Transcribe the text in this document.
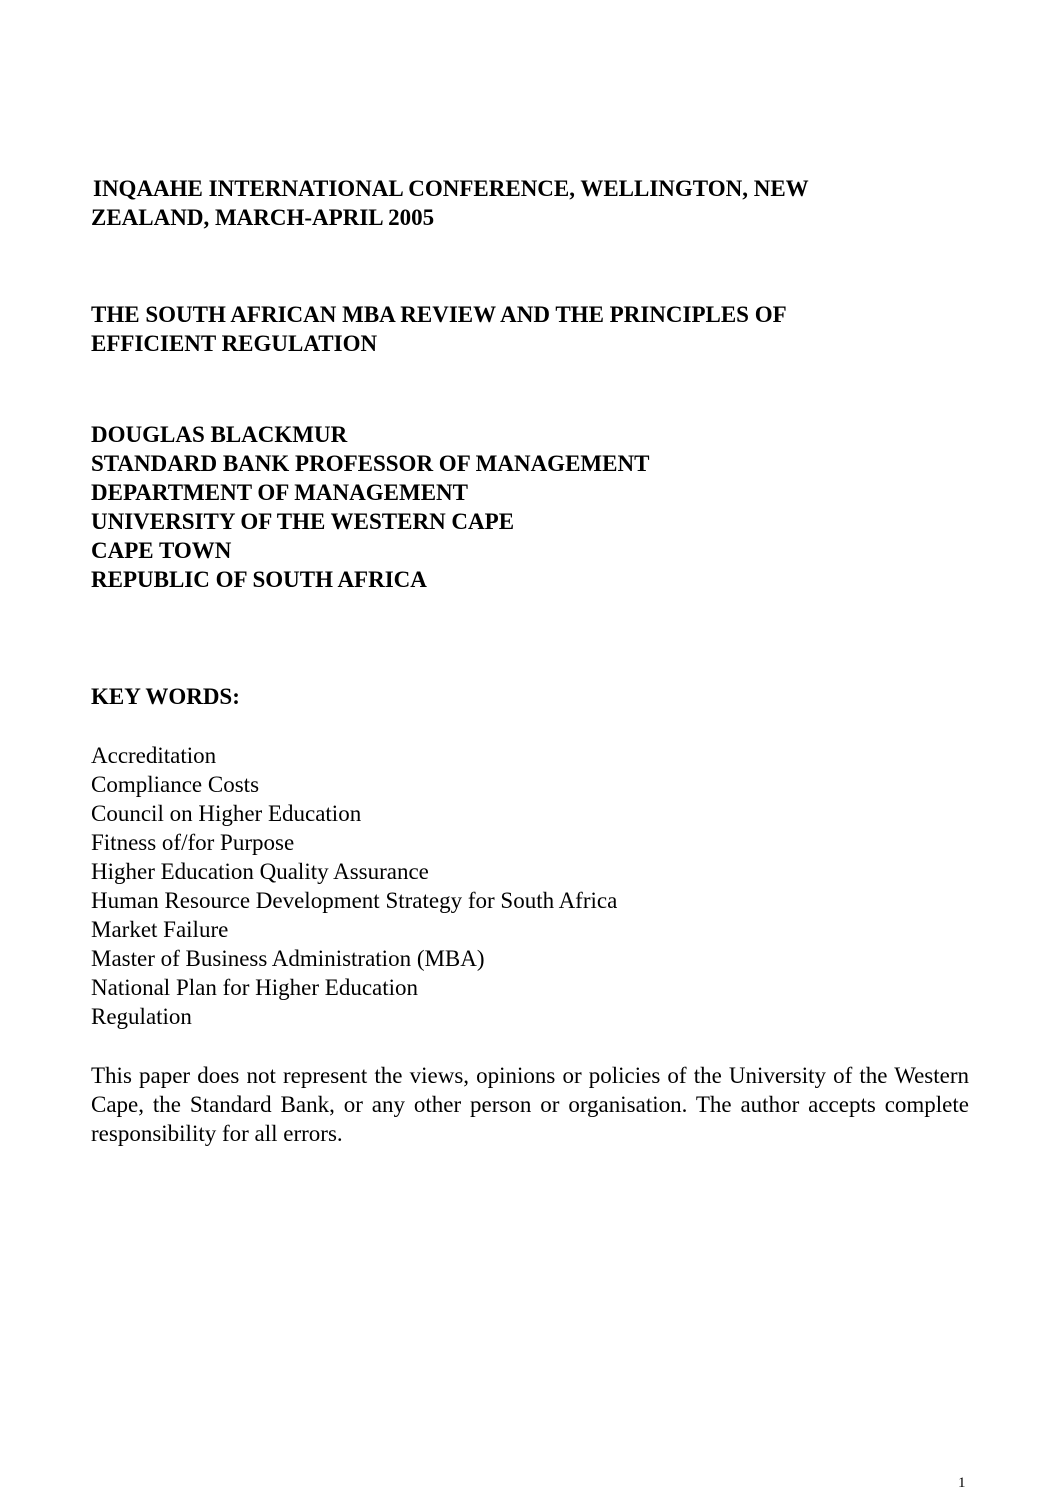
INQAAHE INTERNATIONAL CONFERENCE, WELLINGTON, NEW
ZEALAND, MARCH-APRIL 2005
THE SOUTH AFRICAN MBA REVIEW AND THE PRINCIPLES OF
EFFICIENT REGULATION
DOUGLAS BLACKMUR
STANDARD BANK PROFESSOR OF MANAGEMENT
DEPARTMENT OF MANAGEMENT
UNIVERSITY OF THE WESTERN CAPE
CAPE TOWN
REPUBLIC OF SOUTH AFRICA
KEY WORDS:
Accreditation
Compliance Costs
Council on Higher Education
Fitness of/for Purpose
Higher Education Quality Assurance
Human Resource Development Strategy for South Africa
Market Failure
Master of Business Administration (MBA)
National Plan for Higher Education
Regulation

This paper does not represent the views, opinions or policies of the University of the Western Cape, the Standard Bank, or any other person or organisation. The author accepts complete responsibility for all errors.

1
